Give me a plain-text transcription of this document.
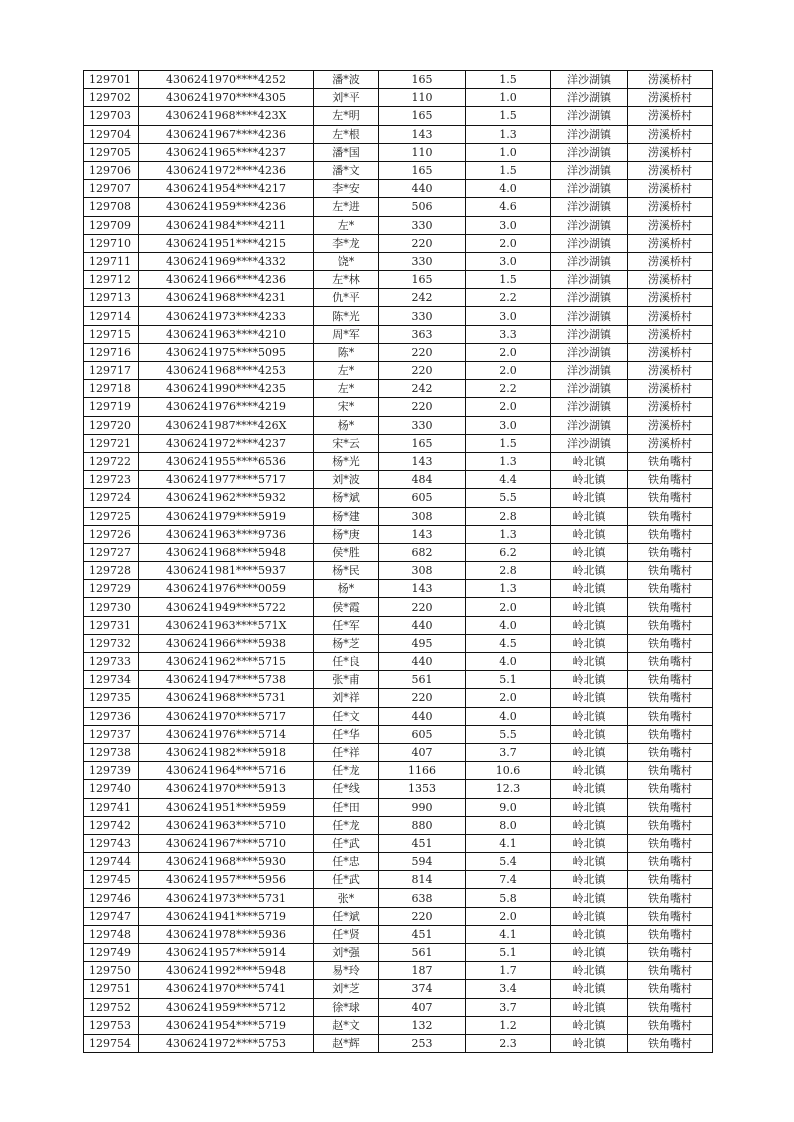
129701	4306241970****4252	潘*波	165	1.5	洋沙湖镇	涝溪桥村
129702	4306241970****4305	刘*平	110	1.0	洋沙湖镇	涝溪桥村
129703	4306241968****423X	左*明	165	1.5	洋沙湖镇	涝溪桥村
129704	4306241967****4236	左*根	143	1.3	洋沙湖镇	涝溪桥村
129705	4306241965****4237	潘*国	110	1.0	洋沙湖镇	涝溪桥村
129706	4306241972****4236	潘*文	165	1.5	洋沙湖镇	涝溪桥村
129707	4306241954****4217	李*安	440	4.0	洋沙湖镇	涝溪桥村
129708	4306241959****4236	左*进	506	4.6	洋沙湖镇	涝溪桥村
129709	4306241984****4211	左*	330	3.0	洋沙湖镇	涝溪桥村
129710	4306241951****4215	李*龙	220	2.0	洋沙湖镇	涝溪桥村
129711	4306241969****4332	饶*	330	3.0	洋沙湖镇	涝溪桥村
129712	4306241966****4236	左*林	165	1.5	洋沙湖镇	涝溪桥村
129713	4306241968****4231	仇*平	242	2.2	洋沙湖镇	涝溪桥村
129714	4306241973****4233	陈*光	330	3.0	洋沙湖镇	涝溪桥村
129715	4306241963****4210	周*军	363	3.3	洋沙湖镇	涝溪桥村
129716	4306241975****5095	陈*	220	2.0	洋沙湖镇	涝溪桥村
129717	4306241968****4253	左*	220	2.0	洋沙湖镇	涝溪桥村
129718	4306241990****4235	左*	242	2.2	洋沙湖镇	涝溪桥村
129719	4306241976****4219	宋*	220	2.0	洋沙湖镇	涝溪桥村
129720	4306241987****426X	杨*	330	3.0	洋沙湖镇	涝溪桥村
129721	4306241972****4237	宋*云	165	1.5	洋沙湖镇	涝溪桥村
129722	4306241955****6536	杨*光	143	1.3	岭北镇	铁角嘴村
129723	4306241977****5717	刘*波	484	4.4	岭北镇	铁角嘴村
129724	4306241962****5932	杨*斌	605	5.5	岭北镇	铁角嘴村
129725	4306241979****5919	杨*建	308	2.8	岭北镇	铁角嘴村
129726	4306241963****9736	杨*庚	143	1.3	岭北镇	铁角嘴村
129727	4306241968****5948	侯*胜	682	6.2	岭北镇	铁角嘴村
129728	4306241981****5937	杨*民	308	2.8	岭北镇	铁角嘴村
129729	4306241976****0059	杨*	143	1.3	岭北镇	铁角嘴村
129730	4306241949****5722	侯*霞	220	2.0	岭北镇	铁角嘴村
129731	4306241963****571X	任*军	440	4.0	岭北镇	铁角嘴村
129732	4306241966****5938	杨*芝	495	4.5	岭北镇	铁角嘴村
129733	4306241962****5715	任*良	440	4.0	岭北镇	铁角嘴村
129734	4306241947****5738	张*甫	561	5.1	岭北镇	铁角嘴村
129735	4306241968****5731	刘*祥	220	2.0	岭北镇	铁角嘴村
129736	4306241970****5717	任*文	440	4.0	岭北镇	铁角嘴村
129737	4306241976****5714	任*华	605	5.5	岭北镇	铁角嘴村
129738	4306241982****5918	任*祥	407	3.7	岭北镇	铁角嘴村
129739	4306241964****5716	任*龙	1166	10.6	岭北镇	铁角嘴村
129740	4306241970****5913	任*线	1353	12.3	岭北镇	铁角嘴村
129741	4306241951****5959	任*田	990	9.0	岭北镇	铁角嘴村
129742	4306241963****5710	任*龙	880	8.0	岭北镇	铁角嘴村
129743	4306241967****5710	任*武	451	4.1	岭北镇	铁角嘴村
129744	4306241968****5930	任*忠	594	5.4	岭北镇	铁角嘴村
129745	4306241957****5956	任*武	814	7.4	岭北镇	铁角嘴村
129746	4306241973****5731	张*	638	5.8	岭北镇	铁角嘴村
129747	4306241941****5719	任*斌	220	2.0	岭北镇	铁角嘴村
129748	4306241978****5936	任*贤	451	4.1	岭北镇	铁角嘴村
129749	4306241957****5914	刘*强	561	5.1	岭北镇	铁角嘴村
129750	4306241992****5948	易*玲	187	1.7	岭北镇	铁角嘴村
129751	4306241970****5741	刘*芝	374	3.4	岭北镇	铁角嘴村
129752	4306241959****5712	徐*球	407	3.7	岭北镇	铁角嘴村
129753	4306241954****5719	赵*文	132	1.2	岭北镇	铁角嘴村
129754	4306241972****5753	赵*辉	253	2.3	岭北镇	铁角嘴村
